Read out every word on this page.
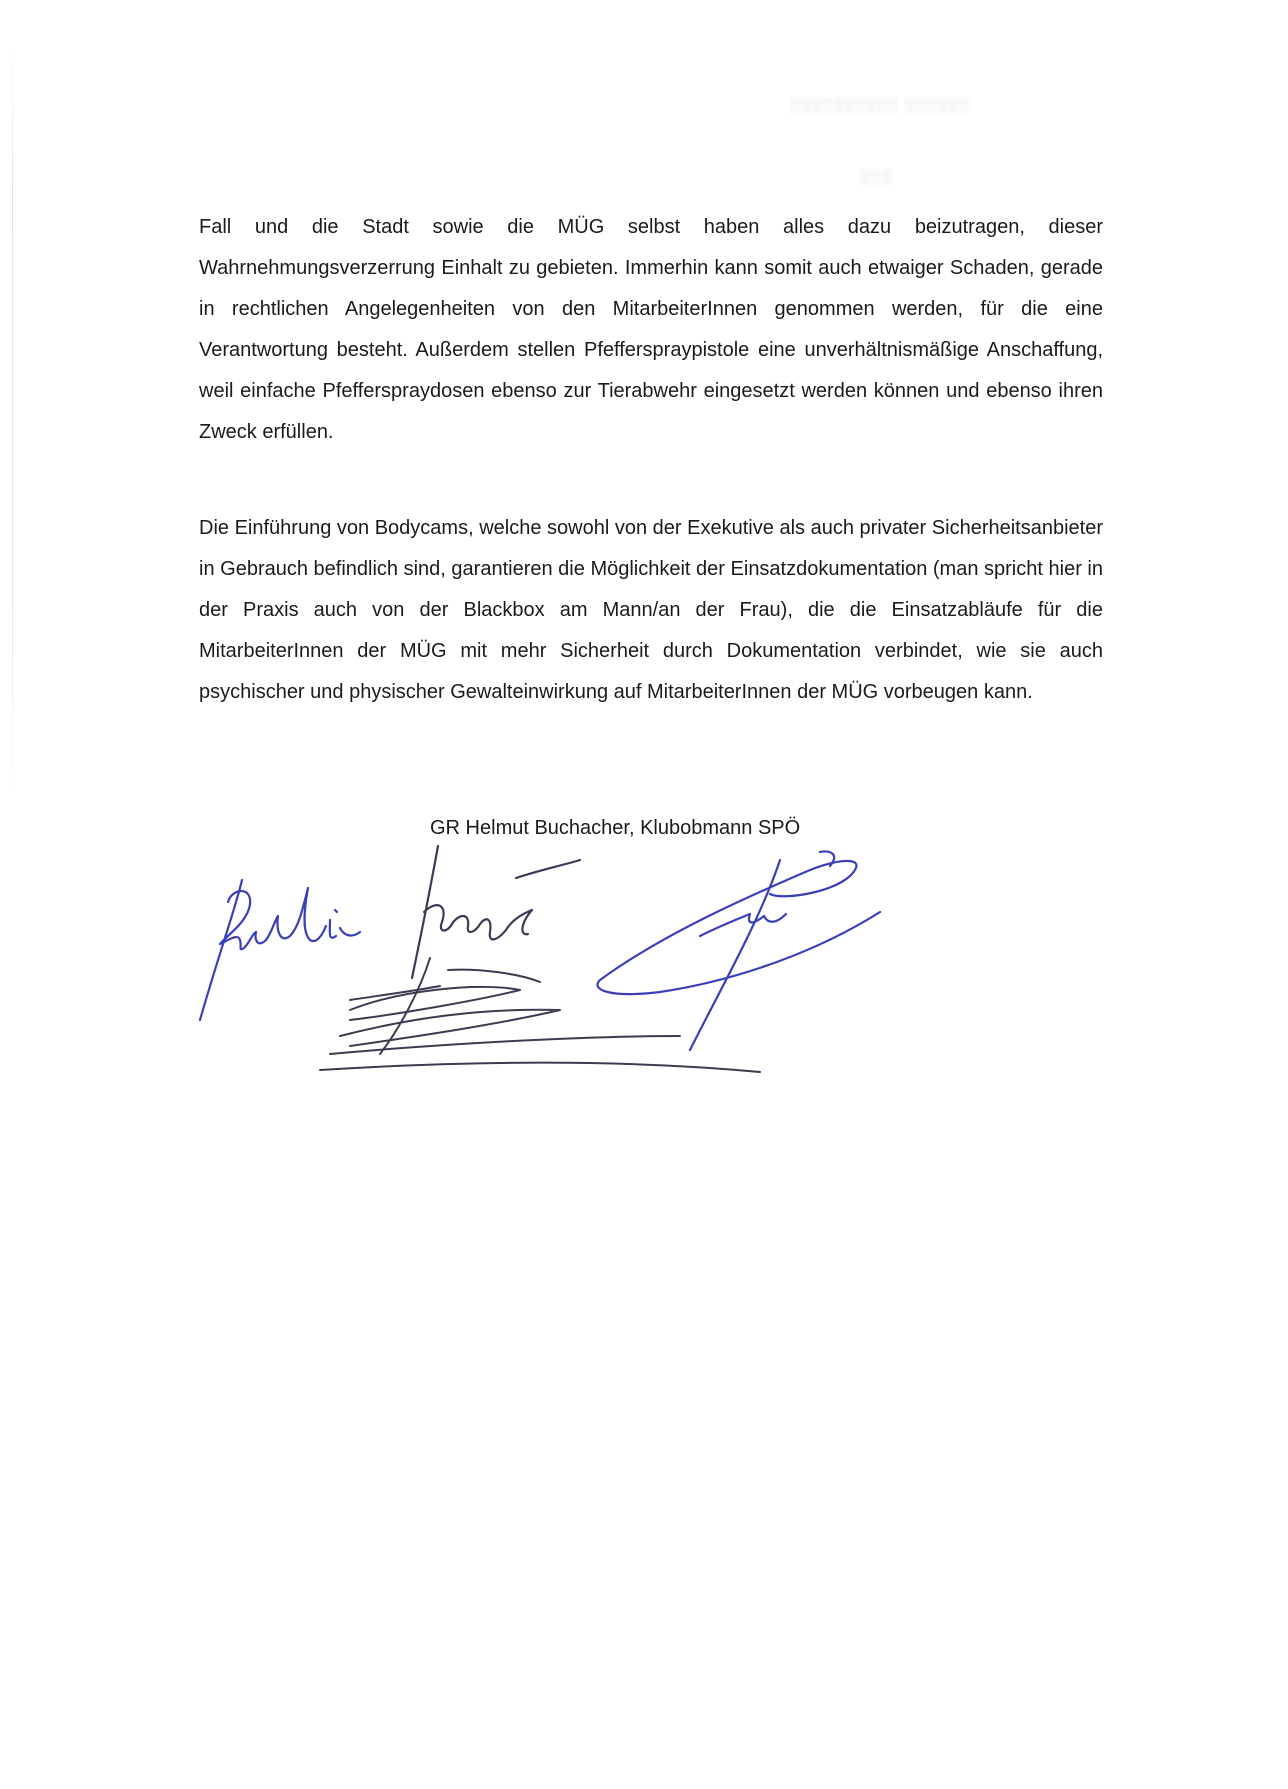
▒▒▒▒▒▒▒▒▒▒ ▒▒▒▒▒▒
▒▒▒

Fall und die Stadt sowie die MÜG selbst haben alles dazu beizutragen, dieser Wahrnehmungsverzerrung Einhalt zu gebieten. Immerhin kann somit auch etwaiger Schaden, gerade in rechtlichen Angelegenheiten von den MitarbeiterInnen genommen werden, für die eine Verantwortung besteht. Außerdem stellen Pfefferspraypistole eine unverhältnismäßige Anschaffung, weil einfache Pfefferspraydosen ebenso zur Tierabwehr eingesetzt werden können und ebenso ihren Zweck erfüllen.

Die Einführung von Bodycams, welche sowohl von der Exekutive als auch privater Sicherheitsanbieter in Gebrauch befindlich sind, garantieren die Möglichkeit der Einsatzdokumentation (man spricht hier in der Praxis auch von der Blackbox am Mann/an der Frau), die die Einsatzabläufe für die MitarbeiterInnen der MÜG mit mehr Sicherheit durch Dokumentation verbindet, wie sie auch psychischer und physischer Gewalteinwirkung auf MitarbeiterInnen der MÜG vorbeugen kann.

GR Helmut Buchacher, Klubobmann SPÖ
